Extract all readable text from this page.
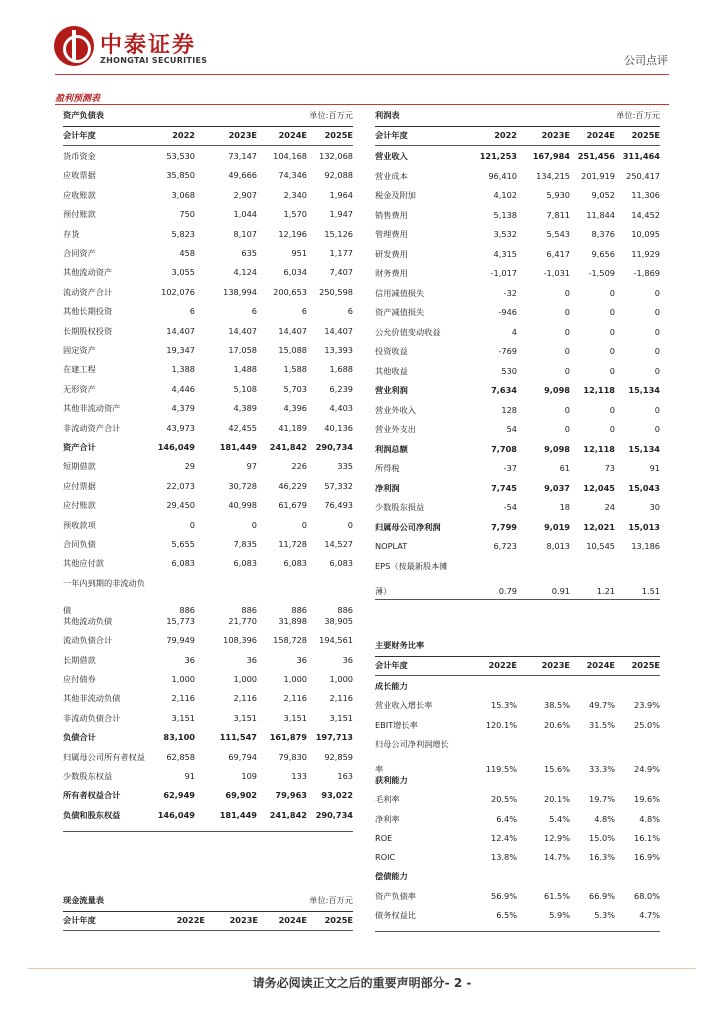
中泰证券
ZHONGTAI SECURITIES	公司点评
盈利预测表
资产负债表	单位:百万元
会计年度	2022	2023E	2024E 2025E
货币资金	53,530	73,147 104,168 132,068
应收票据	35,850	49,666	74,346 92,088
应收账款	3,068	2,907	2,340	1,964
预付账款	750	1,044	1,570	1,947
存货	5,823	8,107	12,196 15,126
合同资产	458	635	951	1,177
其他流动资产	3,055	4,124	6,034	7,407
流动资产合计	102,076	138,994 200,653 250,598
其他长期投资	6	6	6	6
长期股权投资	14,407	14,407	14,407 14,407
固定资产	19,347	17,058	15,088 13,393
在建工程	1,388	1,488	1,588	1,688
无形资产	4,446	5,108	5,703	6,239
其他非流动资产	4,379	4,389	4,396	4,403
非流动资产合计	43,973	42,455	41,189 40,136
资产合计	146,049	181,449 241,842 290,734
短期借款	29	97	226	335
应付票据	22,073	30,728	46,229 57,332
应付账款	29,450	40,998	61,679 76,493
预收款项	0	0	0	0
合同负债	5,655	7,835	11,728 14,527
其他应付款	6,083	6,083	6,083	6,083
一年内到期的非流动负
债	886	886	886	886
其他流动负债	15,773	21,770	31,898 38,905
流动负债合计	79,949	108,396 158,728 194,561
长期借款	36	36	36	36
应付债券	1,000	1,000	1,000	1,000
其他非流动负债	2,116	2,116	2,116	2,116
非流动负债合计	3,151	3,151	3,151	3,151
负债合计	83,100	111,547 161,879 197,713
归属母公司所有者权益	62,858	69,794	79,830 92,859
少数股东权益	91	109	133	163
所有者权益合计	62,949	69,902 79,963 93,022
负债和股东权益	146,049	181,449 241,842 290,734
利润表	单位:百万元
会计年度	2022	2023E 2024E 2025E
营业收入	121,253 167,984 251,456 311,464
营业成本	96,410 134,215 201,919 250,417
税金及附加	4,102	5,930	9,052 11,306
销售费用	5,138	7,811 11,844 14,452
管理费用	3,532	5,543	8,376 10,095
研发费用	4,315	6,417	9,656 11,929
财务费用	-1,017	-1,031 -1,509 -1,869
信用减值损失	-32	0	0	0
资产减值损失	-946	0	0	0
公允价值变动收益	4	0	0	0
投资收益	-769	0	0	0
其他收益	530	0	0	0
营业利润	7,634	9,098 12,118 15,134
营业外收入	128	0	0	0
营业外支出	54	0	0	0
利润总额	7,708	9,098 12,118 15,134
所得税	-37	61	73	91
净利润	7,745	9,037 12,045 15,043
少数股东损益	-54	18	24	30
归属母公司净利润	7,799	9,019 12,021 15,013
NOPLAT	6,723	8,013 10,545 13,186
EPS（按最新股本摊
薄）	0.79	0.91	1.21	1.51
主要财务比率
会计年度	2022E	2023E 2024E 2025E
成长能力
营业收入增长率	15.3%	38.5% 49.7% 23.9%
EBIT增长率	120.1%	20.6% 31.5% 25.0%
归母公司净利润增长
率	119.5%	15.6% 33.3% 24.9%
获利能力
毛利率	20.5%	20.1% 19.7% 19.6%
净利率	6.4%	5.4%	4.8%	4.8%
ROE	12.4%	12.9% 15.0% 16.1%
ROIC	13.8%	14.7% 16.3% 16.9%
偿债能力
资产负债率	56.9%	61.5% 66.9% 68.0%
债务权益比	6.5%	5.9%	5.3%	4.7%
现金流量表	单位:百万元
会计年度	2022E	2023E	2024E 2025E
请务必阅读正文之后的重要声明部分- 2 -
